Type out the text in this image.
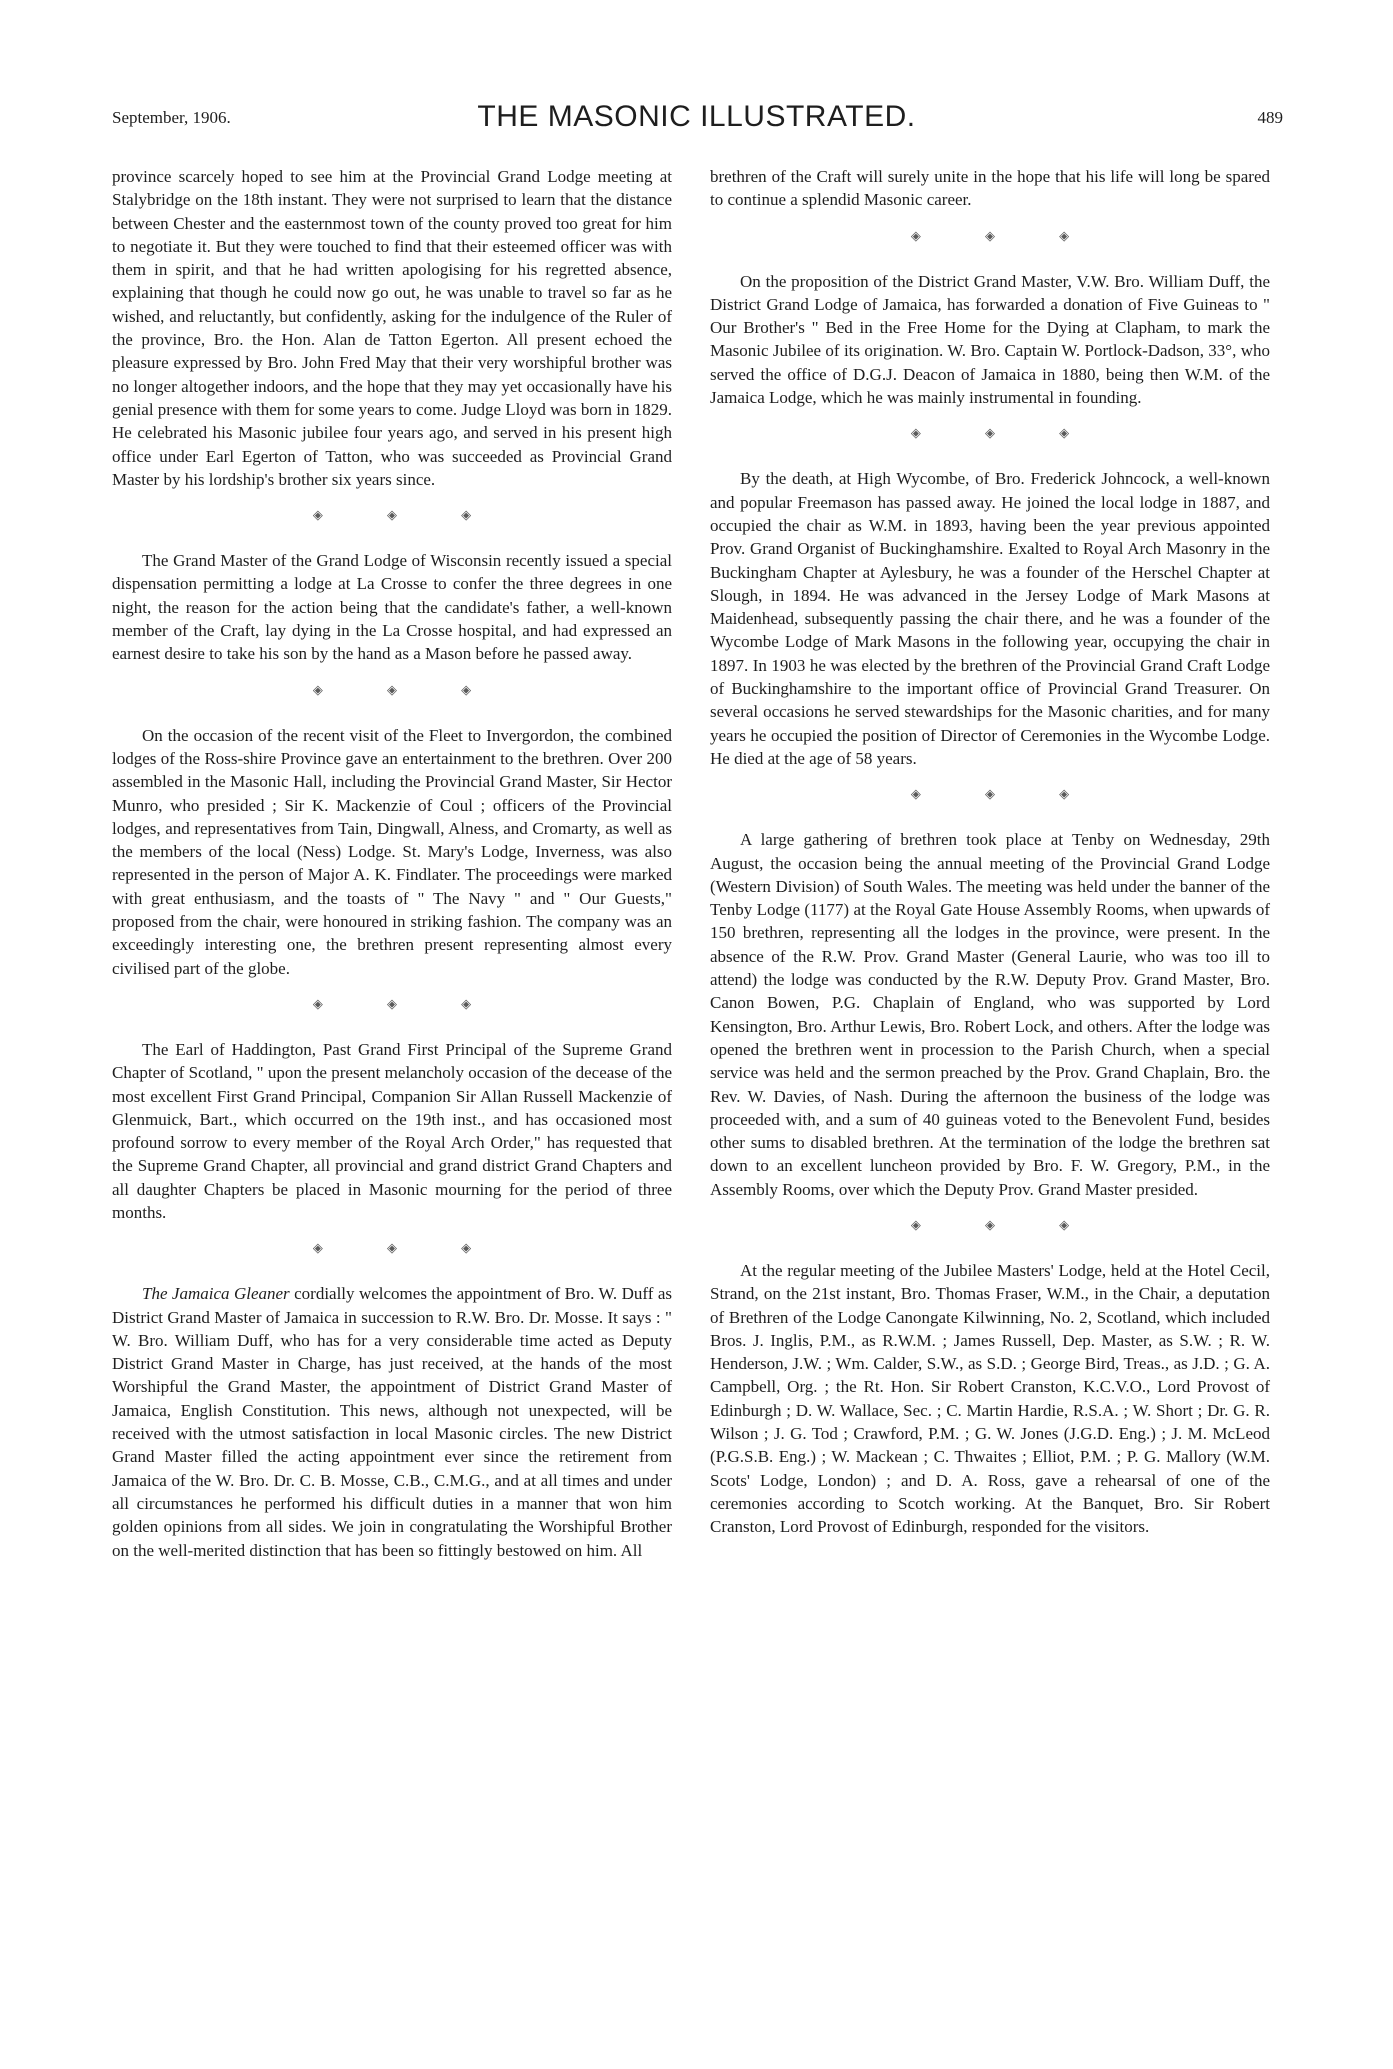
September, 1906.	THE MASONIC ILLUSTRATED.	489

province scarcely hoped to see him at the Provincial Grand Lodge meeting at Stalybridge on the 18th instant. They were not surprised to learn that the distance between Chester and the easternmost town of the county proved too great for him to negotiate it. But they were touched to find that their esteemed officer was with them in spirit, and that he had written apologising for his regretted absence, explaining that though he could now go out, he was unable to travel so far as he wished, and reluctantly, but confidently, asking for the indulgence of the Ruler of the province, Bro. the Hon. Alan de Tatton Egerton. All present echoed the pleasure expressed by Bro. John Fred May that their very worshipful brother was no longer altogether indoors, and the hope that they may yet occasionally have his genial presence with them for some years to come. Judge Lloyd was born in 1829. He celebrated his Masonic jubilee four years ago, and served in his present high office under Earl Egerton of Tatton, who was succeeded as Provincial Grand Master by his lordship's brother six years since.

◈ ◈ ◈

The Grand Master of the Grand Lodge of Wisconsin recently issued a special dispensation permitting a lodge at La Crosse to confer the three degrees in one night, the reason for the action being that the candidate's father, a well-known member of the Craft, lay dying in the La Crosse hospital, and had expressed an earnest desire to take his son by the hand as a Mason before he passed away.

◈ ◈ ◈

On the occasion of the recent visit of the Fleet to Invergordon, the combined lodges of the Ross-shire Province gave an entertainment to the brethren. Over 200 assembled in the Masonic Hall, including the Provincial Grand Master, Sir Hector Munro, who presided ; Sir K. Mackenzie of Coul ; officers of the Provincial lodges, and representatives from Tain, Dingwall, Alness, and Cromarty, as well as the members of the local (Ness) Lodge. St. Mary's Lodge, Inverness, was also represented in the person of Major A. K. Findlater. The proceedings were marked with great enthusiasm, and the toasts of " The Navy " and " Our Guests," proposed from the chair, were honoured in striking fashion. The company was an exceedingly interesting one, the brethren present representing almost every civilised part of the globe.

◈ ◈ ◈

The Earl of Haddington, Past Grand First Principal of the Supreme Grand Chapter of Scotland, " upon the present melancholy occasion of the decease of the most excellent First Grand Principal, Companion Sir Allan Russell Mackenzie of Glenmuick, Bart., which occurred on the 19th inst., and has occasioned most profound sorrow to every member of the Royal Arch Order," has requested that the Supreme Grand Chapter, all provincial and grand district Grand Chapters and all daughter Chapters be placed in Masonic mourning for the period of three months.

◈ ◈ ◈

The Jamaica Gleaner cordially welcomes the appointment of Bro. W. Duff as District Grand Master of Jamaica in succession to R.W. Bro. Dr. Mosse. It says : " W. Bro. William Duff, who has for a very considerable time acted as Deputy District Grand Master in Charge, has just received, at the hands of the most Worshipful the Grand Master, the appointment of District Grand Master of Jamaica, English Constitution. This news, although not unexpected, will be received with the utmost satisfaction in local Masonic circles. The new District Grand Master filled the acting appointment ever since the retirement from Jamaica of the W. Bro. Dr. C. B. Mosse, C.B., C.M.G., and at all times and under all circumstances he performed his difficult duties in a manner that won him golden opinions from all sides. We join in congratulating the Worshipful Brother on the well-merited distinction that has been so fittingly bestowed on him. All

brethren of the Craft will surely unite in the hope that his life will long be spared to continue a splendid Masonic career.

◈ ◈ ◈

On the proposition of the District Grand Master, V.W. Bro. William Duff, the District Grand Lodge of Jamaica, has forwarded a donation of Five Guineas to " Our Brother's " Bed in the Free Home for the Dying at Clapham, to mark the Masonic Jubilee of its origination. W. Bro. Captain W. Portlock-Dadson, 33°, who served the office of D.G.J. Deacon of Jamaica in 1880, being then W.M. of the Jamaica Lodge, which he was mainly instrumental in founding.

◈ ◈ ◈

By the death, at High Wycombe, of Bro. Frederick Johncock, a well-known and popular Freemason has passed away. He joined the local lodge in 1887, and occupied the chair as W.M. in 1893, having been the year previous appointed Prov. Grand Organist of Buckinghamshire. Exalted to Royal Arch Masonry in the Buckingham Chapter at Aylesbury, he was a founder of the Herschel Chapter at Slough, in 1894. He was advanced in the Jersey Lodge of Mark Masons at Maidenhead, subsequently passing the chair there, and he was a founder of the Wycombe Lodge of Mark Masons in the following year, occupying the chair in 1897. In 1903 he was elected by the brethren of the Provincial Grand Craft Lodge of Buckinghamshire to the important office of Provincial Grand Treasurer. On several occasions he served stewardships for the Masonic charities, and for many years he occupied the position of Director of Ceremonies in the Wycombe Lodge. He died at the age of 58 years.

◈ ◈ ◈

A large gathering of brethren took place at Tenby on Wednesday, 29th August, the occasion being the annual meeting of the Provincial Grand Lodge (Western Division) of South Wales. The meeting was held under the banner of the Tenby Lodge (1177) at the Royal Gate House Assembly Rooms, when upwards of 150 brethren, representing all the lodges in the province, were present. In the absence of the R.W. Prov. Grand Master (General Laurie, who was too ill to attend) the lodge was conducted by the R.W. Deputy Prov. Grand Master, Bro. Canon Bowen, P.G. Chaplain of England, who was supported by Lord Kensington, Bro. Arthur Lewis, Bro. Robert Lock, and others. After the lodge was opened the brethren went in procession to the Parish Church, when a special service was held and the sermon preached by the Prov. Grand Chaplain, Bro. the Rev. W. Davies, of Nash. During the afternoon the business of the lodge was proceeded with, and a sum of 40 guineas voted to the Benevolent Fund, besides other sums to disabled brethren. At the termination of the lodge the brethren sat down to an excellent luncheon provided by Bro. F. W. Gregory, P.M., in the Assembly Rooms, over which the Deputy Prov. Grand Master presided.

◈ ◈ ◈

At the regular meeting of the Jubilee Masters' Lodge, held at the Hotel Cecil, Strand, on the 21st instant, Bro. Thomas Fraser, W.M., in the Chair, a deputation of Brethren of the Lodge Canongate Kilwinning, No. 2, Scotland, which included Bros. J. Inglis, P.M., as R.W.M. ; James Russell, Dep. Master, as S.W. ; R. W. Henderson, J.W. ; Wm. Calder, S.W., as S.D. ; George Bird, Treas., as J.D. ; G. A. Campbell, Org. ; the Rt. Hon. Sir Robert Cranston, K.C.V.O., Lord Provost of Edinburgh ; D. W. Wallace, Sec. ; C. Martin Hardie, R.S.A. ; W. Short ; Dr. G. R. Wilson ; J. G. Tod ; Crawford, P.M. ; G. W. Jones (J.G.D. Eng.) ; J. M. McLeod (P.G.S.B. Eng.) ; W. Mackean ; C. Thwaites ; Elliot, P.M. ; P. G. Mallory (W.M. Scots' Lodge, London) ; and D. A. Ross, gave a rehearsal of one of the ceremonies according to Scotch working. At the Banquet, Bro. Sir Robert Cranston, Lord Provost of Edinburgh, responded for the visitors.
